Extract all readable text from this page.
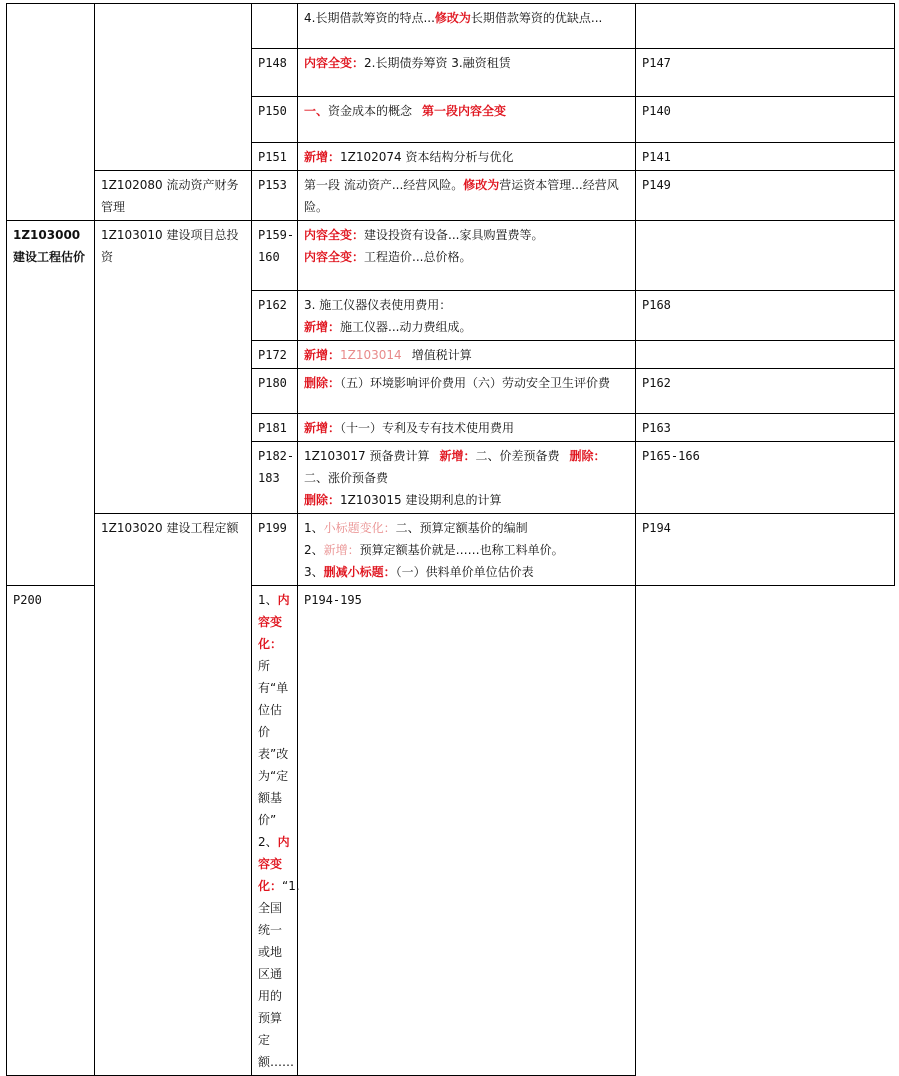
			4.长期借款筹资的特点...修改为长期借款筹资的优缺点...	
		P148	内容全变：2.长期债券筹资 3.融资租赁	P147
		P150	一、资金成本的概念 第一段内容全变	P140
		P151	新增：1Z102074 资本结构分析与优化	P141
	1Z102080 流动资产财务管理	P153	第一段 流动资产...经营风险。修改为营运资本管理...经营风险。	P149
1Z103000 建设工程估价	1Z103010 建设项目总投资	P159-160	内容全变：建设投资有设备...家具购置费等。
内容全变：工程造价...总价格。	

		P162	3. 施工仪器仪表使用费用：
新增：施工仪器...动力费组成。	P168
		P172	新增：1Z103014 增值税计算	
		P180	删除：（五）环境影响评价费用（六）劳动安全卫生评价费	P162
		P181	新增：（十一）专利及专有技术使用费用	P163
		P182-183	1Z103017 预备费计算 新增：二、价差预备费 删除：
二、涨价预备费
删除：1Z103015 建设期利息的计算	P165-166
	1Z103020 建设工程定额	P199	1、小标题变化：二、预算定额基价的编制
2、新增：预算定额基价就是……也称工料单价。
3、删减小标题：（一）供料单价单位估价表	P194
P200		1、内容变化：所有“单位估价表”改为“定额基价”
2、内容变化：“1.全国统一或地区通用的预算定额……	P194-195	
